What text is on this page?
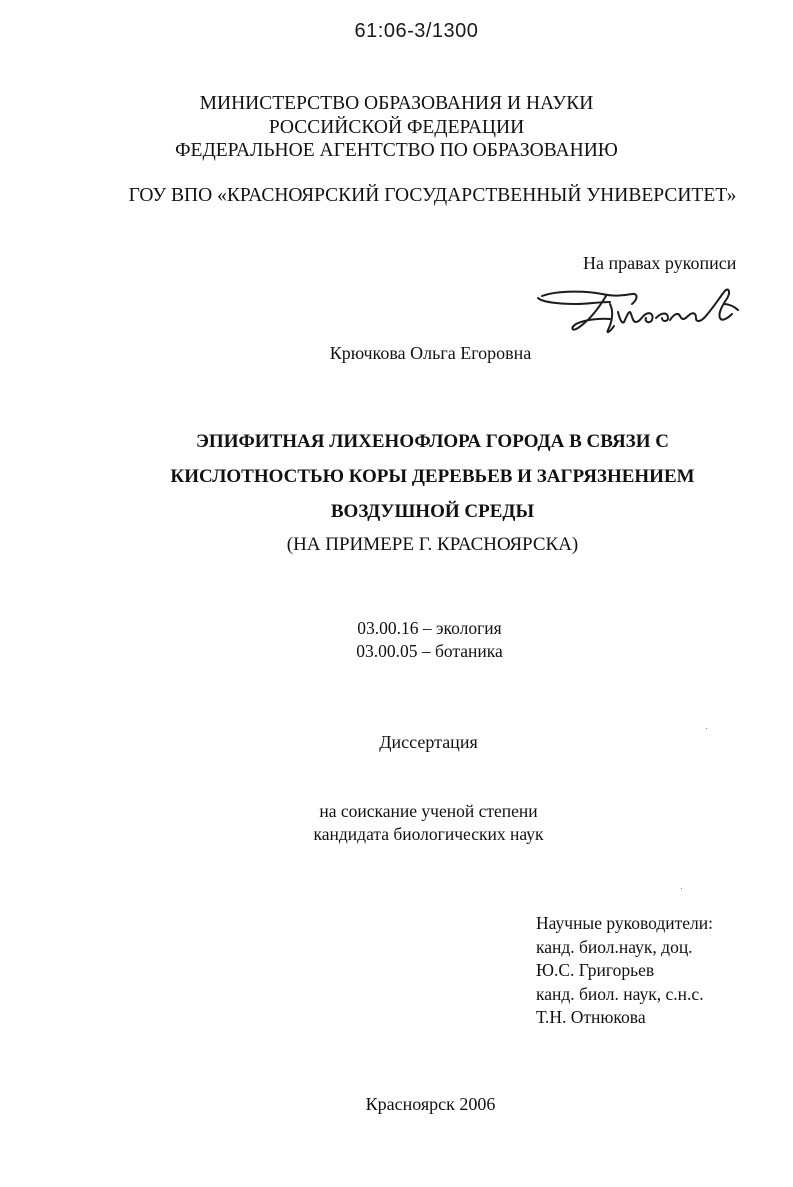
61:06-3/1300
МИНИСТЕРСТВО ОБРАЗОВАНИЯ И НАУКИ
РОССИЙСКОЙ ФЕДЕРАЦИИ
ФЕДЕРАЛЬНОЕ АГЕНТСТВО ПО ОБРАЗОВАНИЮ
ГОУ ВПО «КРАСНОЯРСКИЙ ГОСУДАРСТВЕННЫЙ УНИВЕРСИТЕТ»
На правах рукописи
Крючкова Ольга Егоровна
ЭПИФИТНАЯ ЛИХЕНОФЛОРА ГОРОДА В СВЯЗИ С
КИСЛОТНОСТЬЮ КОРЫ ДЕРЕВЬЕВ И ЗАГРЯЗНЕНИЕМ
ВОЗДУШНОЙ СРЕДЫ
(НА ПРИМЕРЕ Г. КРАСНОЯРСКА)
03.00.16 – экология
03.00.05 – ботаника
Диссертация
на соискание ученой степени
кандидата биологических наук
Научные руководители:
канд. биол.наук, доц.
Ю.С. Григорьев
канд. биол. наук, с.н.с.
Т.Н. Отнюкова
Красноярск 2006
